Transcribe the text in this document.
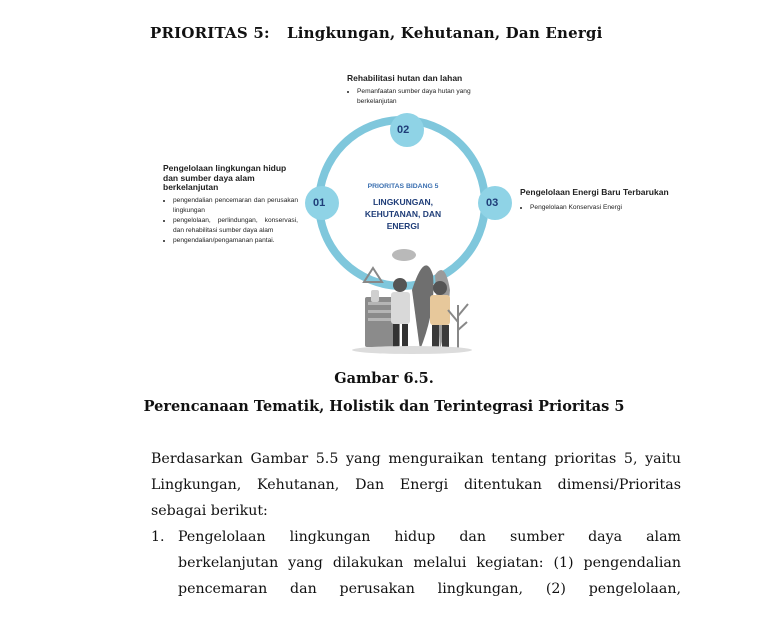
PRIORITAS 5: Lingkungan, Kehutanan, Dan Energi
02
01	03
PRIORITAS BIDANG 5
LINGKUNGAN,
KEHUTANAN, DAN
ENERGI
Rehabilitasi hutan dan lahan
• Pemanfaatan sumber daya hutan yang berkelanjutan
Pengelolaan lingkungan hidup
dan sumber daya alam
berkelanjutan
• pengendalian pencemaran dan perusakan lingkungan
• pengelolaan, perlindungan, konservasi, dan rehabilitasi sumber daya alam
• pengendalian/pengamanan pantai.
Pengelolaan Energi Baru Terbarukan
• Pengelolaan Konservasi Energi
Gambar 6.5.
Perencanaan Tematik, Holistik dan Terintegrasi Prioritas 5
Berdasarkan Gambar 5.5 yang menguraikan tentang prioritas 5, yaitu Lingkungan, Kehutanan, Dan Energi ditentukan dimensi/Prioritas sebagai berikut:
1. Pengelolaan lingkungan hidup dan sumber daya alam
berkelanjutan yang dilakukan melalui kegiatan: (1) pengendalian
pencemaran dan perusakan lingkungan, (2) pengelolaan,
